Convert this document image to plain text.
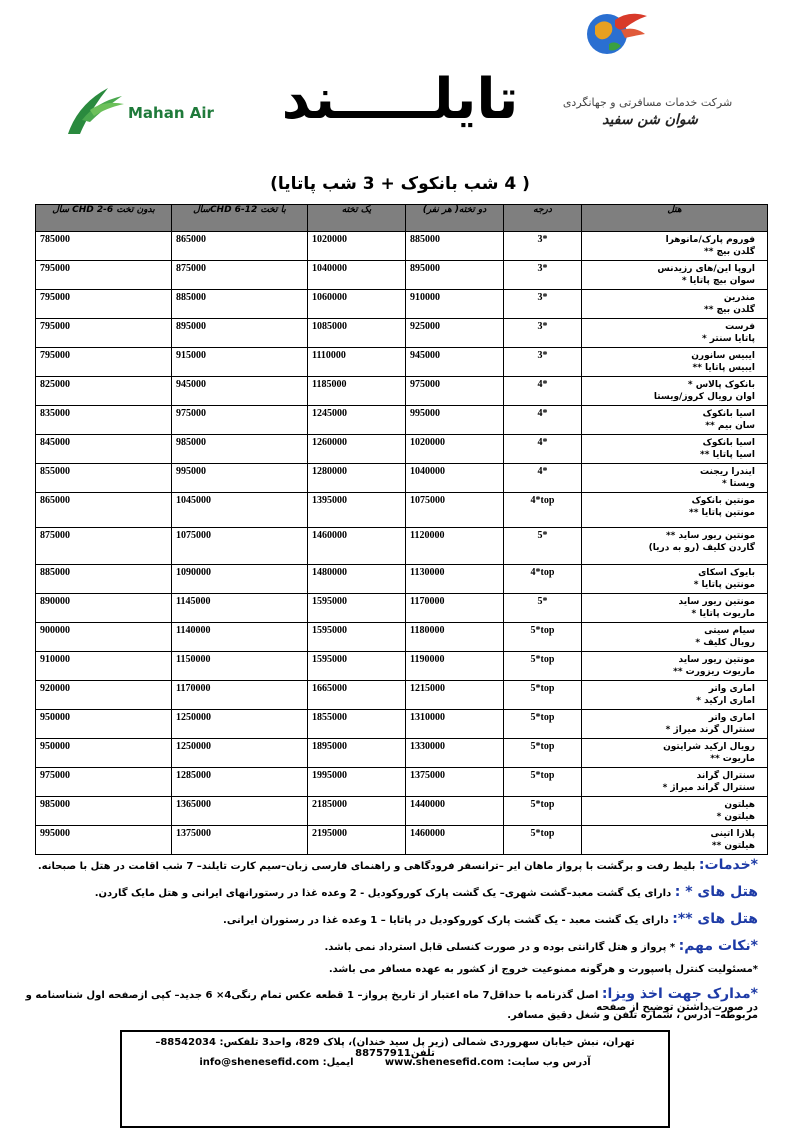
شرکت خدمات مسافرتی و جهانگردی
شوان شن سفید
تایلـــــند
( 4 شب بانکوک + 3 شب پاتایا)
Mahan Air
بدون تخت CHD 2-6 سال	با تخت CHD 6-12سال	یک تخته	دو تخته( هر نفر)	درجه	هتل
785000	865000	1020000	885000	3*	فوروم پارک/مانوهرا
گلدن بیچ **

795000	875000	1040000	895000	3*	اروپا این/های رزیدنس
سوان بیچ پاتایا *

795000	885000	1060000	910000	3*	مندرین
گلدن بیچ **

795000	895000	1085000	925000	3*	فرست
پاتایا سنتر *

795000	915000	1110000	945000	3*	ایبیس سانورن
ایبیس پاتایا **

825000	945000	1185000	975000	4*	بانکوک پالاس *
اوان رویال کروز/ویستا

835000	975000	1245000	995000	4*	اسیا بانکوک
سان بیم **

845000	985000	1260000	1020000	4*	اسیا بانکوک
اسیا پاتایا **

855000	995000	1280000	1040000	4*	ایندرا ریجنت
ویستا *

865000	1045000	1395000	1075000	4*top	مونتین بانکوک
مونتین پاتایا **

875000	1075000	1460000	1120000	5*	مونتین ریور ساید **
گاردن کلیف (رو به دریا)

885000	1090000	1480000	1130000	4*top	بایوک اسکای
مونتین پاتایا *

890000	1145000	1595000	1170000	5*	مونتین ریور ساید
ماریوت پاتایا *

900000	1140000	1595000	1180000	5*top	سیام سیتی
رویال کلیف *

910000	1150000	1595000	1190000	5*top	مونتین ریور ساید
ماریوت ریزورت **

920000	1170000	1665000	1215000	5*top	اماری واتر
اماری ارکید *

950000	1250000	1855000	1310000	5*top	اماری واتر
سنترال گرند میراژ *

950000	1250000	1895000	1330000	5*top	رویال ارکید شرایتون
ماریوت **

975000	1285000	1995000	1375000	5*top	سنترال گراند
سنترال گراند میراژ *

985000	1365000	2185000	1440000	5*top	هیلتون
هیلتون *

995000	1375000	2195000	1460000	5*top	پلازا اتینی
هیلتون **
*خدمات: بلیط رفت و برگشت با پرواز ماهان ایر –ترانسفر فرودگاهی و راهنمای فارسی زبان–سیم کارت تایلند– 7 شب اقامت در هتل با صبحانه.
هتل های * : دارای یک گشت معبد–گشت شهری– یک گشت پارک کوروکودیل - 2 وعده غذا در رستورانهای ایرانی و هتل مایک گاردن.
هتل های **: دارای یک گشت معبد - یک گشت پارک کوروکودیل در پاتایا – 1 وعده غذا در رستوران ایرانی.
*نکات مهم: * پرواز و هتل گارانتی بوده و در صورت کنسلی قابل استرداد نمی باشد.
*مسئولیت کنترل پاسپورت و هرگونه ممنوعیت خروج از کشور به عهده مسافر می باشد.
*مدارک جهت اخذ ویزا: اصل گذرنامه با حداقل7 ماه اعتبار از تاریخ پرواز– 1 قطعه عکس تمام رنگی4× 6 جدید– کپی ازصفحه اول شناسنامه و در صورت داشتن توضیح از صفحه
مربوطه– آدرس ، شماره تلفن و شغل دقیق مسافر.
تهران، نبش خیابان سهروردی شمالی (زیر پل سید خندان)، پلاک 829، واحد3 تلفکس: 88542034– تلفن88757911
آدرس وب سایت: www.shenesefid.com         ایمیل: info@shenesefid.com
